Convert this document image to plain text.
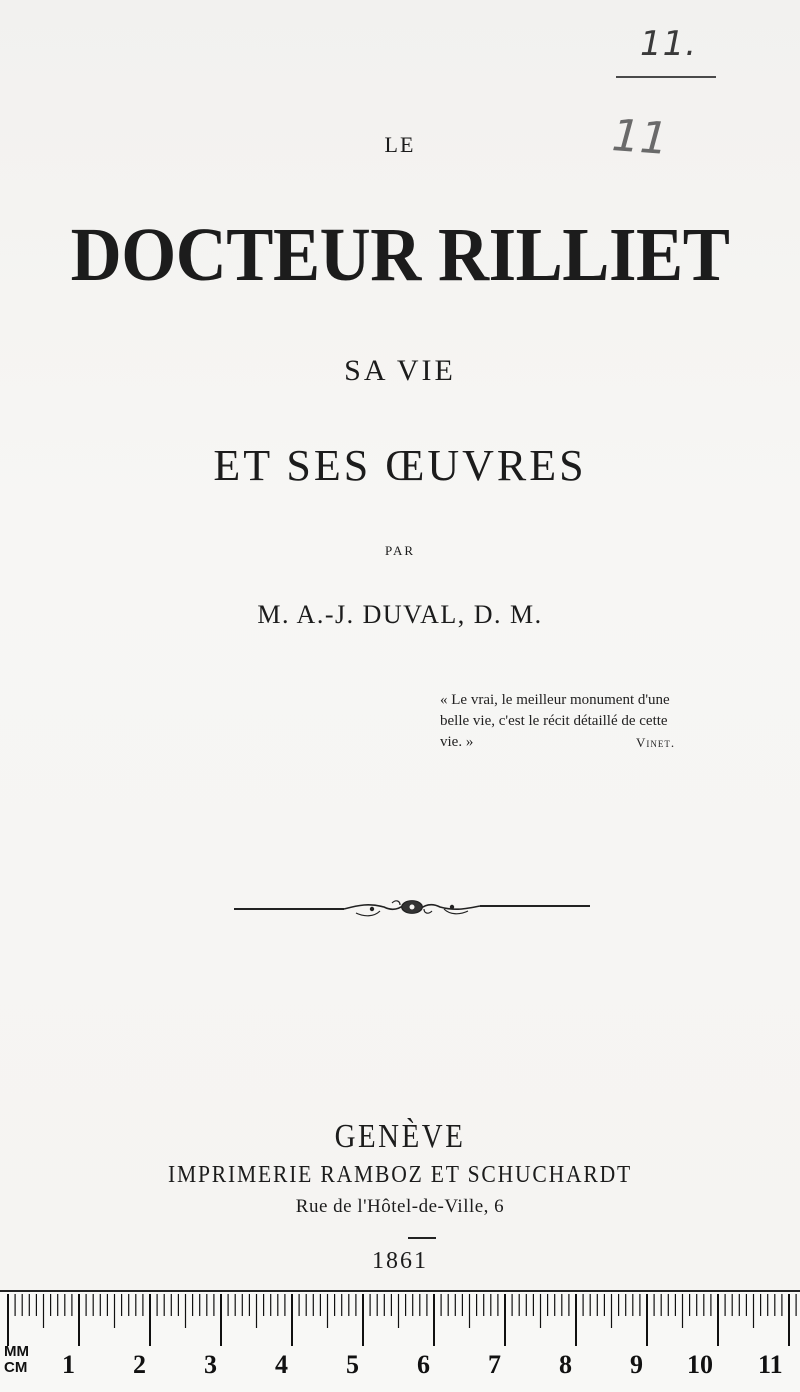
11.
11
LE
DOCTEUR RILLIET
SA VIE
ET SES ŒUVRES
PAR
M. A.-J. DUVAL, D. M.
« Le vrai, le meilleur monument d'une
belle vie, c'est le récit détaillé de cette
vie. »	Vinet.
GENÈVE
IMPRIMERIE RAMBOZ ET SCHUCHARDT
Rue de l'Hôtel-de-Ville, 6
1861
MM
CM 1 2 3 4 5 6 7 8 9 10 11
